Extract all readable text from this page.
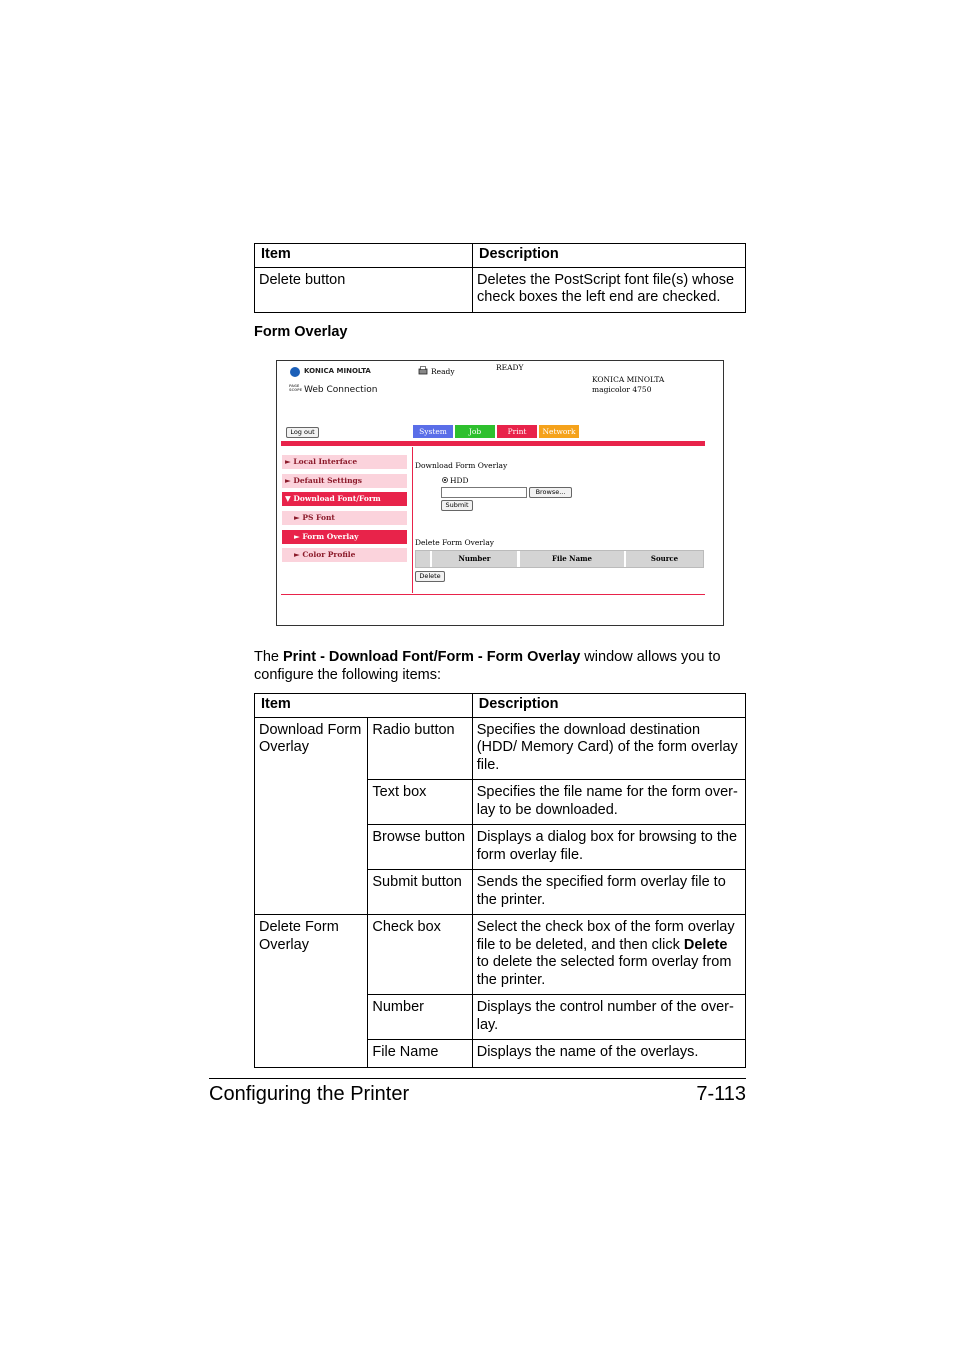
Item	Description
Delete button	Deletes the PostScript font file(s) whose check boxes the left end are checked.
Form Overlay
KONICA MINOLTA
PAGE SCOPE Web Connection
Ready	READY
KONICA MINOLTA
magicolor 4750
Log out	System	Job	Print	Network
► Local Interface
► Default Settings
▼ Download Font/Form
► PS Font
► Form Overlay
► Color Profile
Download Form Overlay
HDD
Browse...
Submit
Delete Form Overlay
Number	File Name	Source
Delete
The Print - Download Font/Form - Form Overlay window allows you to
configure the following items:
Item		Description
Download Form Overlay	Radio button	Specifies the download destination (HDD/ Memory Card) of the form overlay file.
	Text box	Specifies the file name for the form over-lay to be downloaded.
	Browse button	Displays a dialog box for browsing to the form overlay file.
	Submit button	Sends the specified form overlay file to the printer.
Delete Form Overlay	Check box	Select the check box of the form overlay file to be deleted, and then click Delete to delete the selected form overlay from the printer.
	Number	Displays the control number of the over-lay.
	File Name	Displays the name of the overlays.
Configuring the Printer	7-113
